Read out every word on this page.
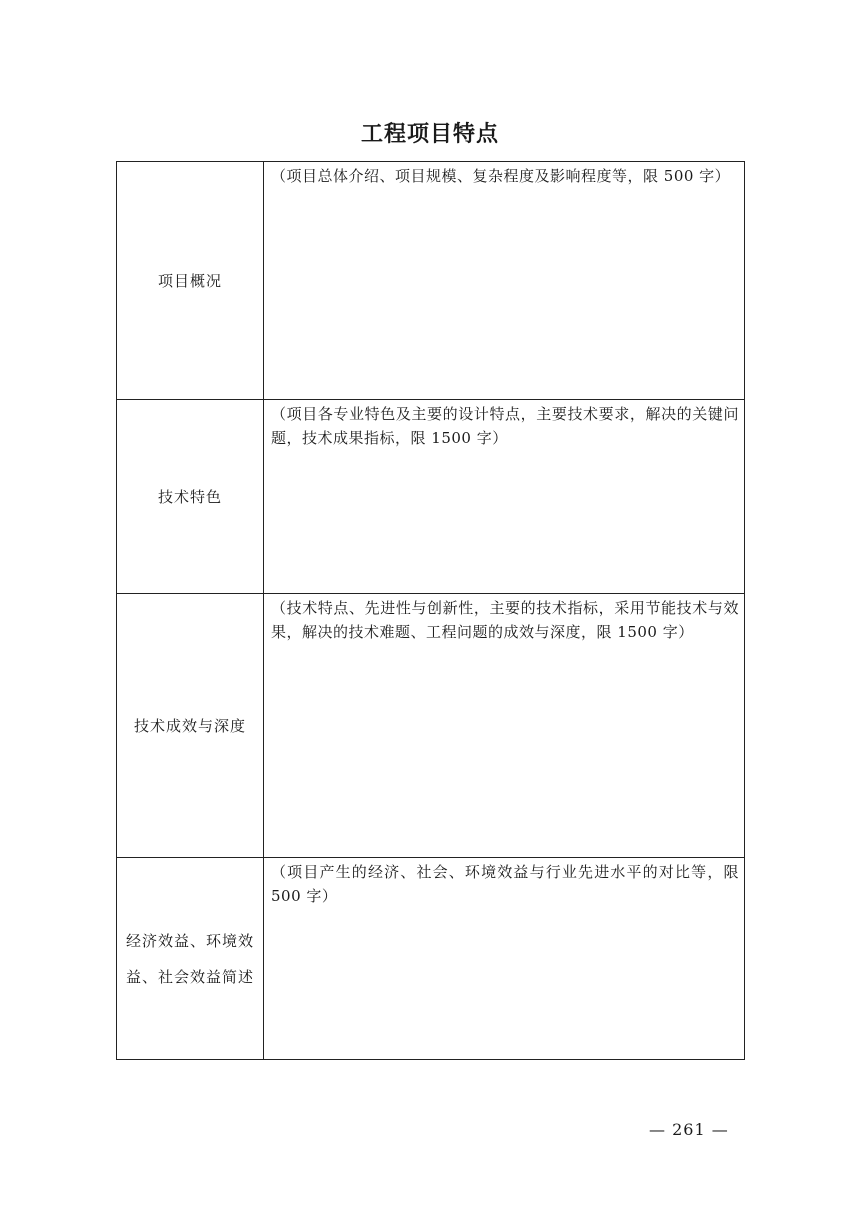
工程项目特点
项目概况	（项目总体介绍、项目规模、复杂程度及影响程度等，限 500 字）
技术特色	（项目各专业特色及主要的设计特点，主要技术要求，解决的关键问题，技术成果指标，限 1500 字）
技术成效与深度	（技术特点、先进性与创新性，主要的技术指标，采用节能技术与效果，解决的技术难题、工程问题的成效与深度，限 1500 字）

经济效益、环境效
益、社会效益简述	（项目产生的经济、社会、环境效益与行业先进水平的对比等，限 500 字）
— 261 —
